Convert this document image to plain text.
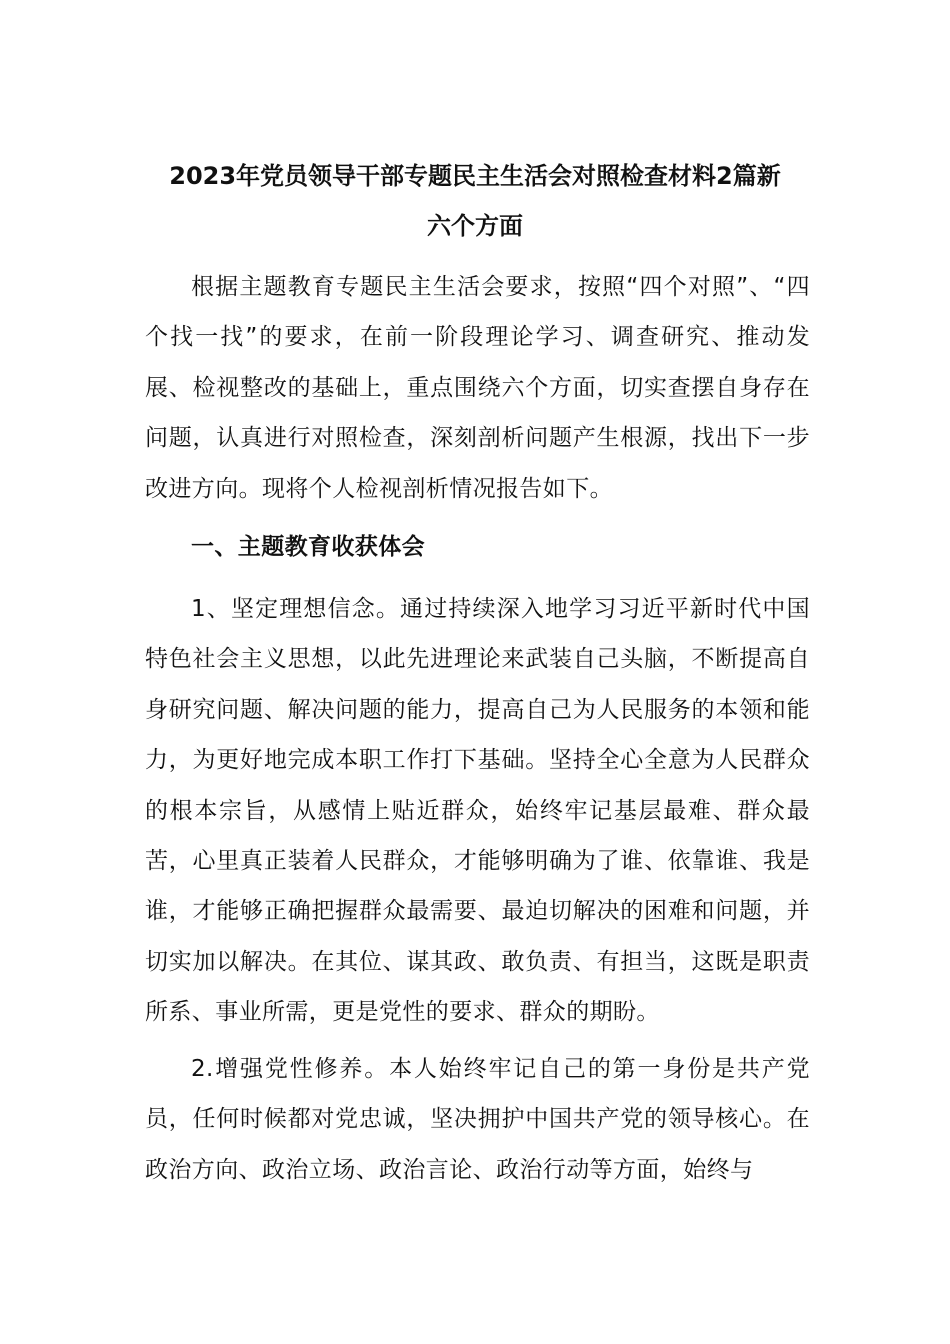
2023年党员领导干部专题民主生活会对照检查材料2篇新
六个方面

根据主题教育专题民主生活会要求，按照“四个对照”、“四个找一找”的要求，在前一阶段理论学习、调查研究、推动发展、检视整改的基础上，重点围绕六个方面，切实查摆自身存在问题，认真进行对照检查，深刻剖析问题产生根源，找出下一步改进方向。现将个人检视剖析情况报告如下。

一、主题教育收获体会

1、坚定理想信念。通过持续深入地学习习近平新时代中国特色社会主义思想，以此先进理论来武装自己头脑，不断提高自身研究问题、解决问题的能力，提高自己为人民服务的本领和能力，为更好地完成本职工作打下基础。坚持全心全意为人民群众的根本宗旨，从感情上贴近群众，始终牢记基层最难、群众最苦，心里真正装着人民群众，才能够明确为了谁、依靠谁、我是谁，才能够正确把握群众最需要、最迫切解决的困难和问题，并切实加以解决。在其位、谋其政、敢负责、有担当，这既是职责所系、事业所需，更是党性的要求、群众的期盼。

2.增强党性修养。本人始终牢记自己的第一身份是共产党员，任何时候都对党忠诚，坚决拥护中国共产党的领导核心。在政治方向、政治立场、政治言论、政治行动等方面，始终与
